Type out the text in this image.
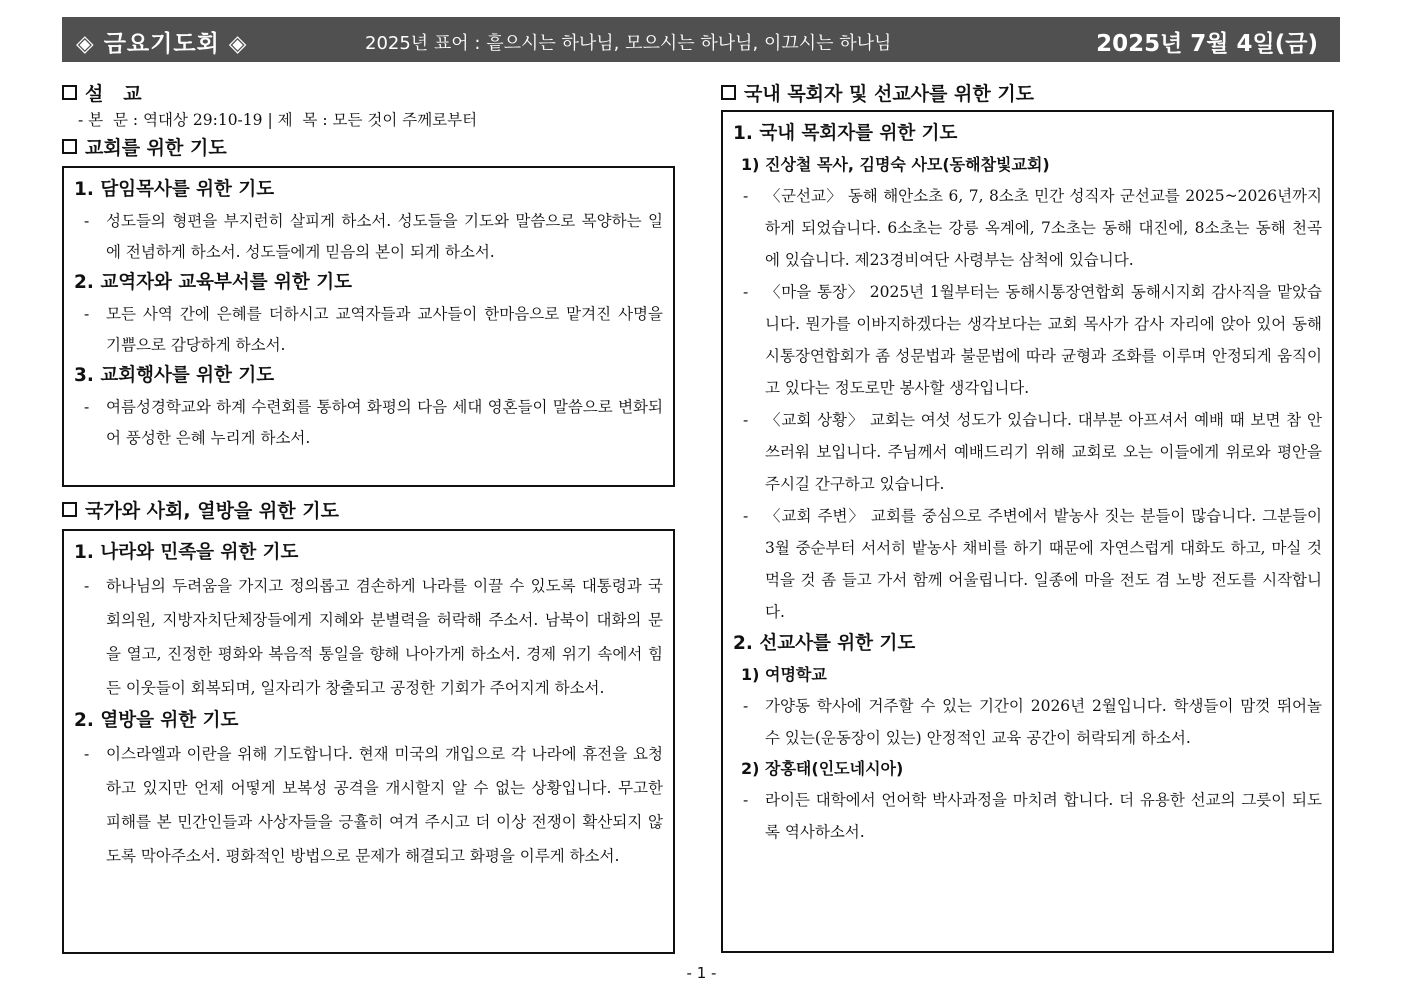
◈ 금요기도회 ◈	2025년 표어 : 흩으시는 하나님, 모으시는 하나님, 이끄시는 하나님	2025년 7월 4일(금)

설   교

- 본  문 : 역대상 29:10-19 | 제  목 : 모든 것이 주께로부터

교회를 위한 기도

1. 담임목사를 위한 기도

- 성도들의 형편을 부지런히 살피게 하소서. 성도들을 기도와 말씀으로 목양하는 일에 전념하게 하소서. 성도들에게 믿음의 본이 되게 하소서.

2. 교역자와 교육부서를 위한 기도

- 모든 사역 간에 은혜를 더하시고 교역자들과 교사들이 한마음으로 맡겨진 사명을 기쁨으로 감당하게 하소서.

3. 교회행사를 위한 기도

- 여름성경학교와 하계 수련회를 통하여 화평의 다음 세대 영혼들이 말씀으로 변화되어 풍성한 은혜 누리게 하소서.

국가와 사회, 열방을 위한 기도

1. 나라와 민족을 위한 기도

- 하나님의 두려움을 가지고 정의롭고 겸손하게 나라를 이끌 수 있도록 대통령과 국회의원, 지방자치단체장들에게 지혜와 분별력을 허락해 주소서. 남북이 대화의 문을 열고, 진정한 평화와 복음적 통일을 향해 나아가게 하소서. 경제 위기 속에서 힘든 이웃들이 회복되며, 일자리가 창출되고 공정한 기회가 주어지게 하소서.

2. 열방을 위한 기도

- 이스라엘과 이란을 위해 기도합니다. 현재 미국의 개입으로 각 나라에 휴전을 요청하고 있지만 언제 어떻게 보복성 공격을 개시할지 알 수 없는 상황입니다. 무고한 피해를 본 민간인들과 사상자들을 긍휼히 여겨 주시고 더 이상 전쟁이 확산되지 않도록 막아주소서. 평화적인 방법으로 문제가 해결되고 화평을 이루게 하소서.

국내 목회자 및 선교사를 위한 기도

1. 국내 목회자를 위한 기도

1) 진상철 목사, 김명숙 사모(동해참빛교회)

- 〈군선교〉 동해 해안소초 6, 7, 8소초 민간 성직자 군선교를 2025~2026년까지 하게 되었습니다. 6소초는 강릉 옥계에, 7소초는 동해 대진에, 8소초는 동해 천곡에 있습니다. 제23경비여단 사령부는 삼척에 있습니다.

- 〈마을 통장〉 2025년 1월부터는 동해시통장연합회 동해시지회 감사직을 맡았습니다. 뭔가를 이바지하겠다는 생각보다는 교회 목사가 감사 자리에 앉아 있어 동해시통장연합회가 좀 성문법과 불문법에 따라 균형과 조화를 이루며 안정되게 움직이고 있다는 정도로만 봉사할 생각입니다.

- 〈교회 상황〉 교회는 여섯 성도가 있습니다. 대부분 아프셔서 예배 때 보면 참 안쓰러워 보입니다. 주님께서 예배드리기 위해 교회로 오는 이들에게 위로와 평안을 주시길 간구하고 있습니다.

- 〈교회 주변〉 교회를 중심으로 주변에서 밭농사 짓는 분들이 많습니다. 그분들이 3월 중순부터 서서히 밭농사 채비를 하기 때문에 자연스럽게 대화도 하고, 마실 것 먹을 것 좀 들고 가서 함께 어울립니다. 일종에 마을 전도 겸 노방 전도를 시작합니다.

2. 선교사를 위한 기도

1) 여명학교

- 가양동 학사에 거주할 수 있는 기간이 2026년 2월입니다. 학생들이 맘껏 뛰어놀 수 있는(운동장이 있는) 안정적인 교육 공간이 허락되게 하소서.

2) 장홍태(인도네시아)

- 라이든 대학에서 언어학 박사과정을 마치려 합니다. 더 유용한 선교의 그릇이 되도록 역사하소서.

- 1 -
